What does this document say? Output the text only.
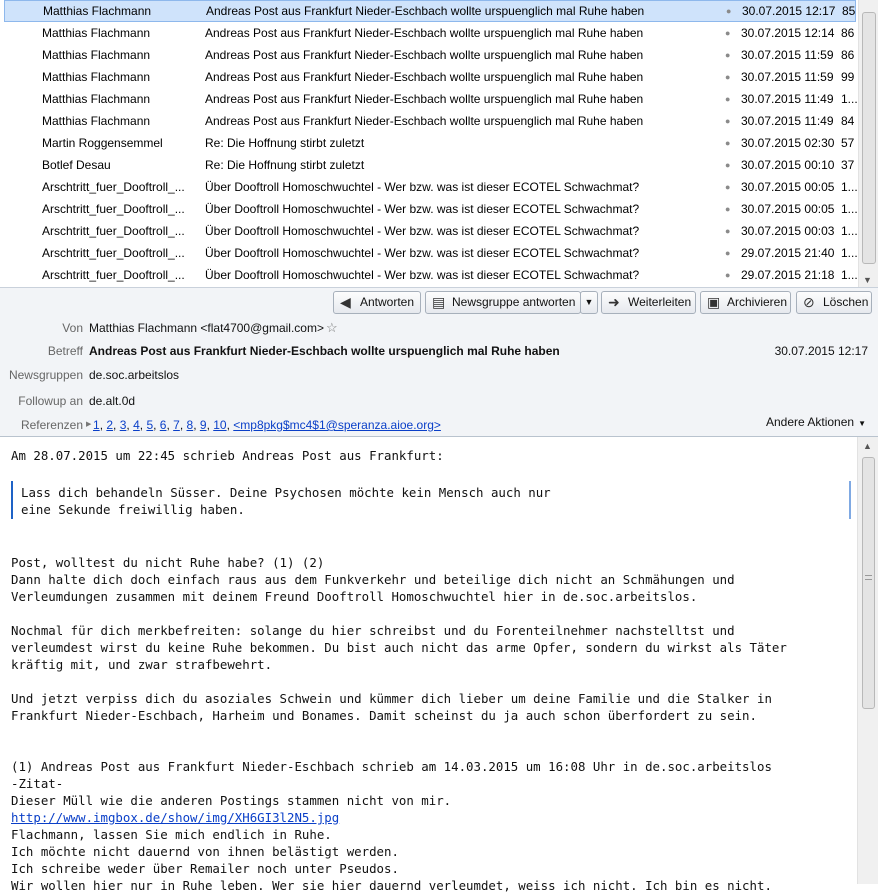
Matthias Flachmann	Andreas Post aus Frankfurt Nieder-Eschbach wollte urspuenglich mal Ruhe haben	● 30.07.2015 12:17 85
Matthias Flachmann	Andreas Post aus Frankfurt Nieder-Eschbach wollte urspuenglich mal Ruhe haben	● 30.07.2015 12:14 86
Matthias Flachmann	Andreas Post aus Frankfurt Nieder-Eschbach wollte urspuenglich mal Ruhe haben	● 30.07.2015 11:59 86
Matthias Flachmann	Andreas Post aus Frankfurt Nieder-Eschbach wollte urspuenglich mal Ruhe haben	● 30.07.2015 11:59 99
Matthias Flachmann	Andreas Post aus Frankfurt Nieder-Eschbach wollte urspuenglich mal Ruhe haben	● 30.07.2015 11:49 1...
Matthias Flachmann	Andreas Post aus Frankfurt Nieder-Eschbach wollte urspuenglich mal Ruhe haben	● 30.07.2015 11:49 84
Martin Roggensemmel	Re: Die Hoffnung stirbt zuletzt	● 30.07.2015 02:30 57
Botlef Desau	Re: Die Hoffnung stirbt zuletzt	● 30.07.2015 00:10 37
Arschtritt_fuer_Dooftroll_... Über Dooftroll Homoschwuchtel - Wer bzw. was ist dieser ECOTEL Schwachmat?	● 30.07.2015 00:05 1...
Arschtritt_fuer_Dooftroll_... Über Dooftroll Homoschwuchtel - Wer bzw. was ist dieser ECOTEL Schwachmat?	● 30.07.2015 00:05 1...
Arschtritt_fuer_Dooftroll_... Über Dooftroll Homoschwuchtel - Wer bzw. was ist dieser ECOTEL Schwachmat?	● 30.07.2015 00:03 1...
Arschtritt_fuer_Dooftroll_... Über Dooftroll Homoschwuchtel - Wer bzw. was ist dieser ECOTEL Schwachmat?	● 29.07.2015 21:40 1...
Arschtritt_fuer_Dooftroll_... Über Dooftroll Homoschwuchtel - Wer bzw. was ist dieser ECOTEL Schwachmat?	● 29.07.2015 21:18 1... ▼
◀ Antworten	▤ Newsgruppe antworten	▼	➜ Weiterleiten	▣ Archivieren ⊘ Löschen
Von Matthias Flachmann <flat4700@gmail.com> ☆
Betreff Andreas Post aus Frankfurt Nieder-Eschbach wollte urspuenglich mal Ruhe haben	30.07.2015 12:17
Newsgruppen de.soc.arbeitslos
Followup an de.alt.0d
Referenzen ▶ 1, 2, 3, 4, 5, 6, 7, 8, 9, 10, <mp8pkg$mc4$1@speranza.aioe.org>	Andere Aktionen ▼
Am 28.07.2015 um 22:45 schrieb Andreas Post aus Frankfurt:
Lass dich behandeln Süsser. Deine Psychosen möchte kein Mensch auch nur
eine Sekunde freiwillig haben.
Post, wolltest du nicht Ruhe habe? (1) (2)
Dann halte dich doch einfach raus aus dem Funkverkehr und beteilige dich nicht an Schmähungen und
Verleumdungen zusammen mit deinem Freund Dooftroll Homoschwuchtel hier in de.soc.arbeitslos.
Nochmal für dich merkbefreiten: solange du hier schreibst und du Forenteilnehmer nachstelltst und
verleumdest wirst du keine Ruhe bekommen. Du bist auch nicht das arme Opfer, sondern du wirkst als Täter
kräftig mit, und zwar strafbewehrt.
Und jetzt verpiss dich du asoziales Schwein und kümmer dich lieber um deine Familie und die Stalker in
Frankfurt Nieder-Eschbach, Harheim und Bonames. Damit scheinst du ja auch schon überfordert zu sein.
(1) Andreas Post aus Frankfurt Nieder-Eschbach schrieb am 14.03.2015 um 16:08 Uhr in de.soc.arbeitslos
-Zitat-
Dieser Müll wie die anderen Postings stammen nicht von mir.
http://www.imgbox.de/show/img/XH6GI3l2N5.jpg
Flachmann, lassen Sie mich endlich in Ruhe.
Ich möchte nicht dauernd von ihnen belästigt werden.
Ich schreibe weder über Remailer noch unter Pseudos.
Wir wollen hier nur in Ruhe leben. Wer sie hier dauernd verleumdet, weiss ich nicht. Ich bin es nicht.
▲
